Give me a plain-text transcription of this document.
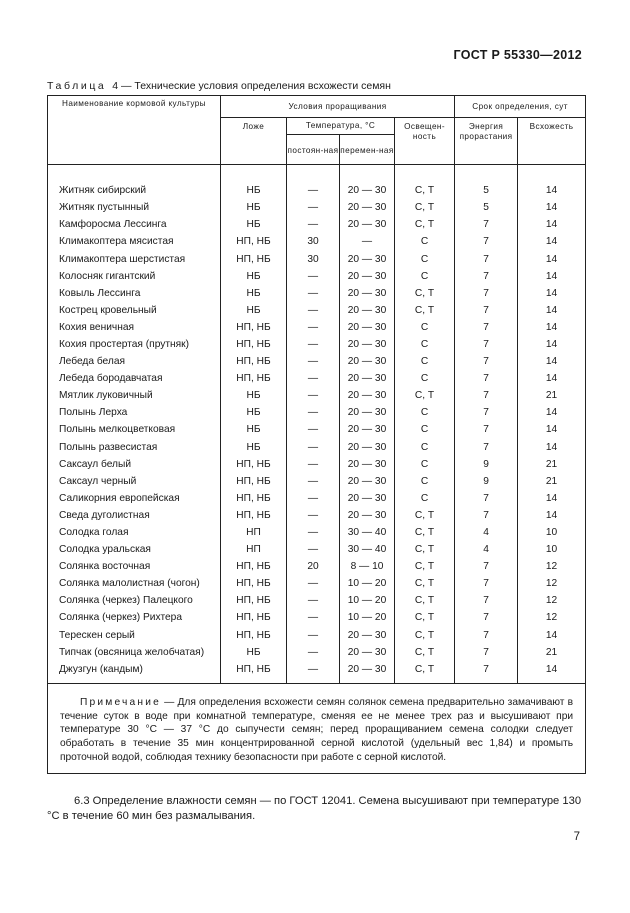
ГОСТ Р 55330—2012
Таблица 4 — Технические условия определения всхожести семян
Наименование кормовой культуры	Условия проращивания				Срок определения, сут	
	Ложе	Температура, °С		Освещен-ность	Энергия прорастания	Всхожесть
		постоян-ная	перемен-ная			

Житняк сибирский	НБ	—	20 — 30	С, Т	5	14
Житняк пустынный	НБ	—	20 — 30	С, Т	5	14
Камфоросма Лессинга	НБ	—	20 — 30	С, Т	7	14
Климакоптера мясистая	НП, НБ	30	—	С	7	14
Климакоптера шерстистая	НП, НБ	30	20 — 30	С	7	14
Колосняк гигантский	НБ	—	20 — 30	С	7	14
Ковыль Лессинга	НБ	—	20 — 30	С, Т	7	14
Кострец кровельный	НБ	—	20 — 30	С, Т	7	14
Кохия веничная	НП, НБ	—	20 — 30	С	7	14
Кохия простертая (прутняк)	НП, НБ	—	20 — 30	С	7	14
Лебеда белая	НП, НБ	—	20 — 30	С	7	14
Лебеда бородавчатая	НП, НБ	—	20 — 30	С	7	14
Мятлик луковичный	НБ	—	20 — 30	С, Т	7	21
Полынь Лерха	НБ	—	20 — 30	С	7	14
Полынь мелкоцветковая	НБ	—	20 — 30	С	7	14
Полынь развесистая	НБ	—	20 — 30	С	7	14
Саксаул белый	НП, НБ	—	20 — 30	С	9	21
Саксаул черный	НП, НБ	—	20 — 30	С	9	21
Саликорния европейская	НП, НБ	—	20 — 30	С	7	14
Сведа дуголистная	НП, НБ	—	20 — 30	С, Т	7	14
Солодка голая	НП	—	30 — 40	С, Т	4	10
Солодка уральская	НП	—	30 — 40	С, Т	4	10
Солянка восточная	НП, НБ	20	8 — 10	С, Т	7	12
Солянка малолистная (чогон)	НП, НБ	—	10 — 20	С, Т	7	12
Солянка (черкез) Палецкого	НП, НБ	—	10 — 20	С, Т	7	12
Солянка (черкез) Рихтера	НП, НБ	—	10 — 20	С, Т	7	12
Терескен серый	НП, НБ	—	20 — 30	С, Т	7	14
Типчак (овсяница желобчатая)	НБ	—	20 — 30	С, Т	7	21
Джузгун (кандым)	НП, НБ	—	20 — 30	С, Т	7	14

Примечание — Для определения всхожести семян солянок семена предварительно замачивают в течение суток в воде при комнатной температуре, сменяя ее не менее трех раз и высушивают при температуре 30 °С — 37 °С до сыпучести семян; перед проращиванием семена солодки следует обработать в течение 35 мин концентрированной серной кислотой (удельный вес 1,84) и промыть проточной водой, соблюдая технику безопасности при работе с серной кислотой.						
6.3 Определение влажности семян — по ГОСТ 12041. Семена высушивают при температуре 130 °С в течение 60 мин без размалывания.
7
